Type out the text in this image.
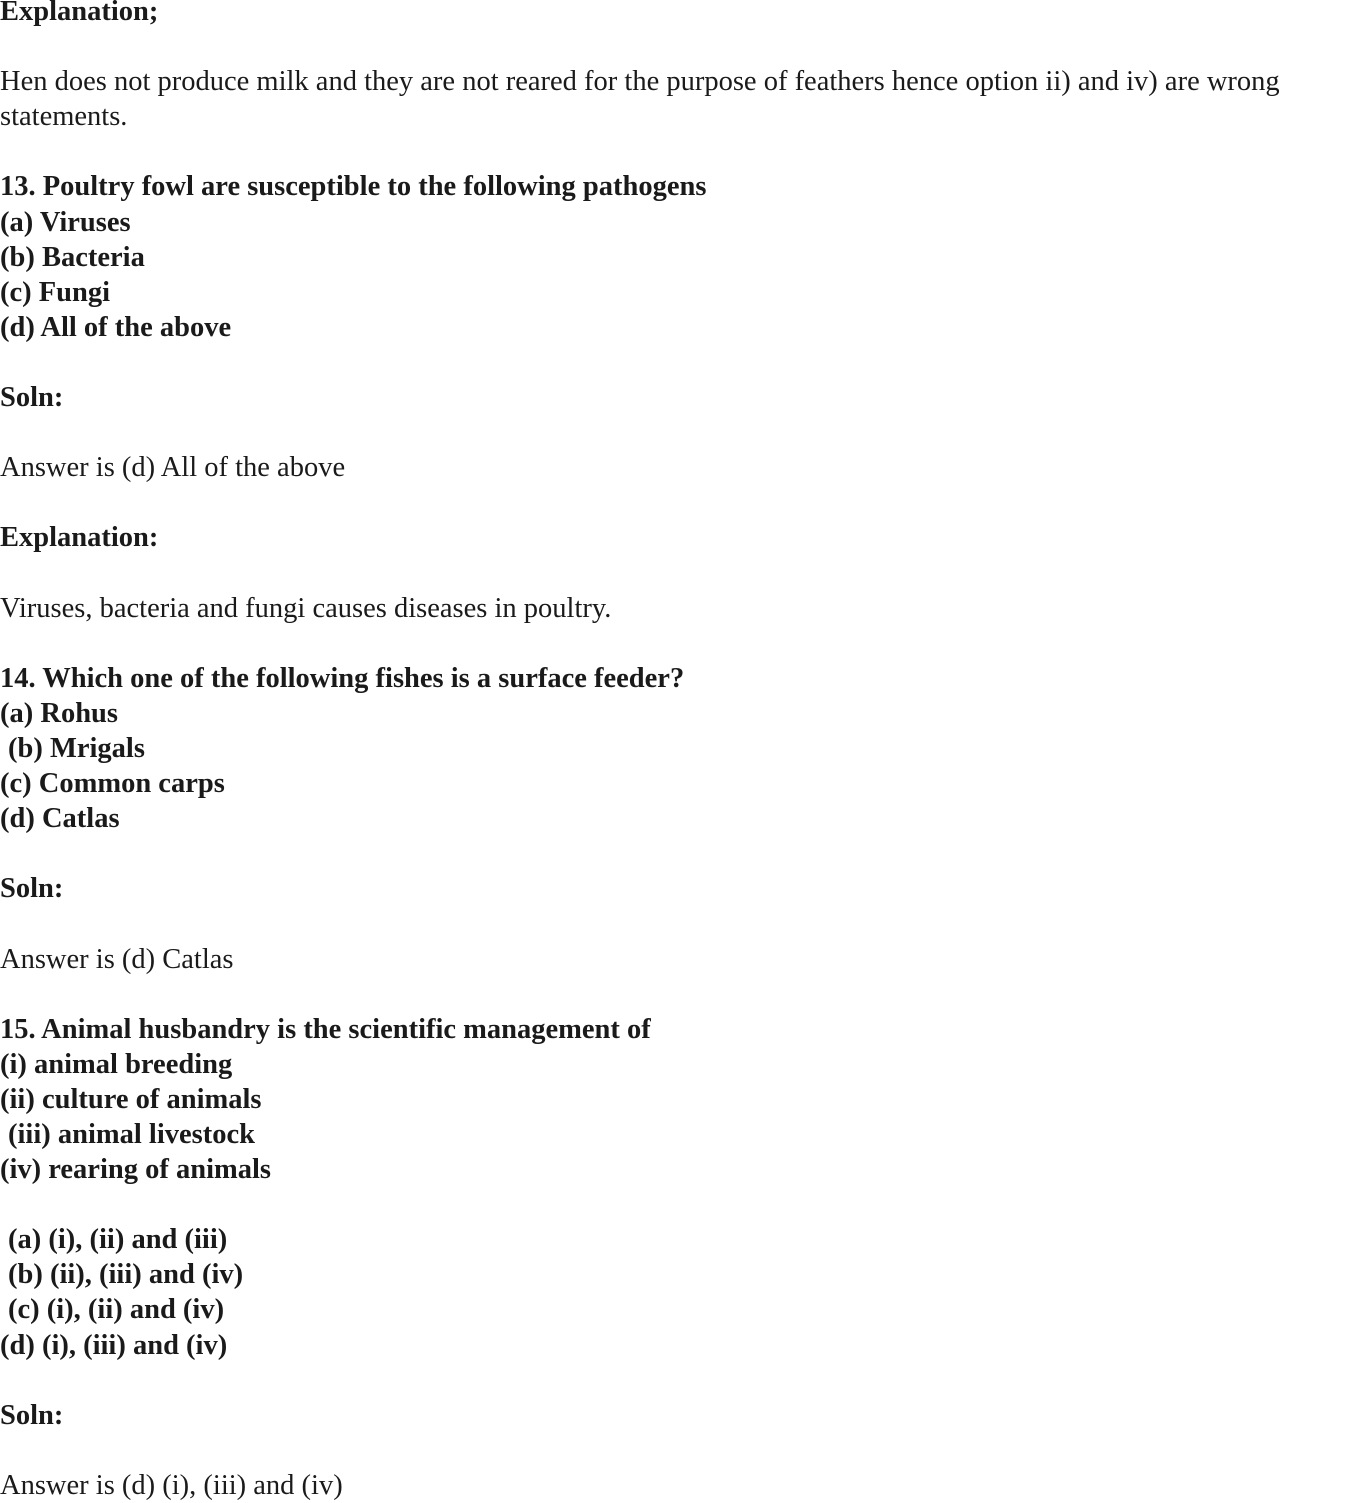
Explanation;
Hen does not produce milk and they are not reared for the purpose of feathers hence option ii) and iv) are wrong
statements.
13. Poultry fowl are susceptible to the following pathogens
(a) Viruses
(b) Bacteria
(c) Fungi
(d) All of the above
Soln:
Answer is (d) All of the above
Explanation:
Viruses, bacteria and fungi causes diseases in poultry.
14. Which one of the following fishes is a surface feeder?
(a) Rohus
(b) Mrigals
(c) Common carps
(d) Catlas
Soln:
Answer is (d) Catlas
15. Animal husbandry is the scientific management of
(i) animal breeding
(ii) culture of animals
(iii) animal livestock
(iv) rearing of animals
(a) (i), (ii) and (iii)
(b) (ii), (iii) and (iv)
(c) (i), (ii) and (iv)
(d) (i), (iii) and (iv)
Soln:
Answer is (d) (i), (iii) and (iv)
